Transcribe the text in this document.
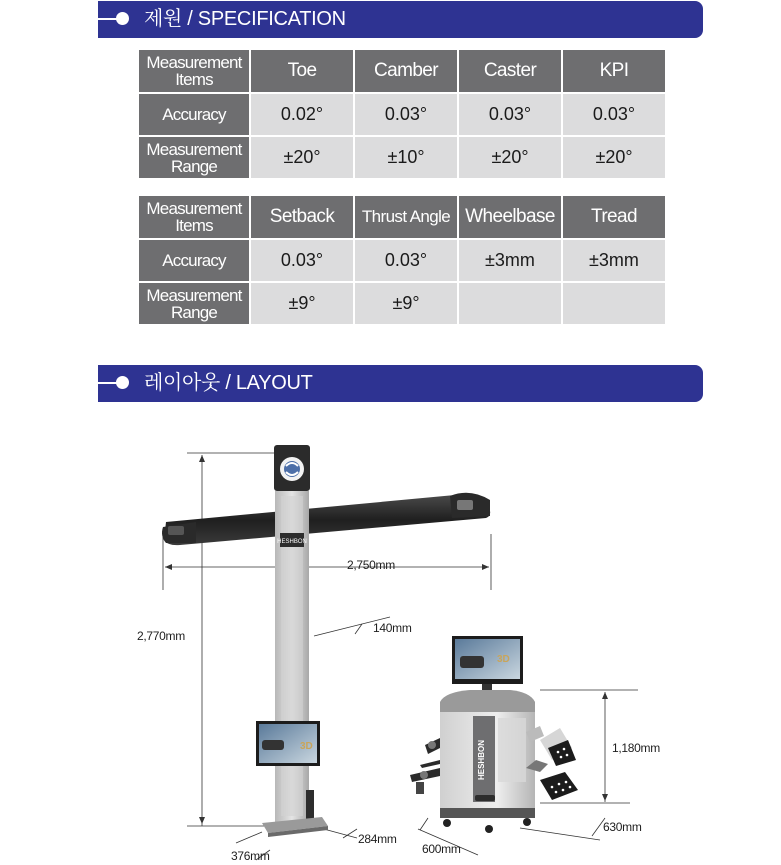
제원 / SPECIFICATION
Measurement
Items	Toe	Camber	Caster	KPI
Accuracy	0.02°	0.03°	0.03°	0.03°
Measurement
Range	±20°	±10°	±20°	±20°
Measurement
Items	Setback	Thrust Angle	Wheelbase	Tread
Accuracy	0.03°	0.03°	±3mm	±3mm
Measurement
Range	±9°	±9°		
레이아웃 / LAYOUT
HESHBON
3D
3D
HESHBON
2,750mm
2,770mm
140mm
284mm
376mm
1,180mm
630mm
600mm
